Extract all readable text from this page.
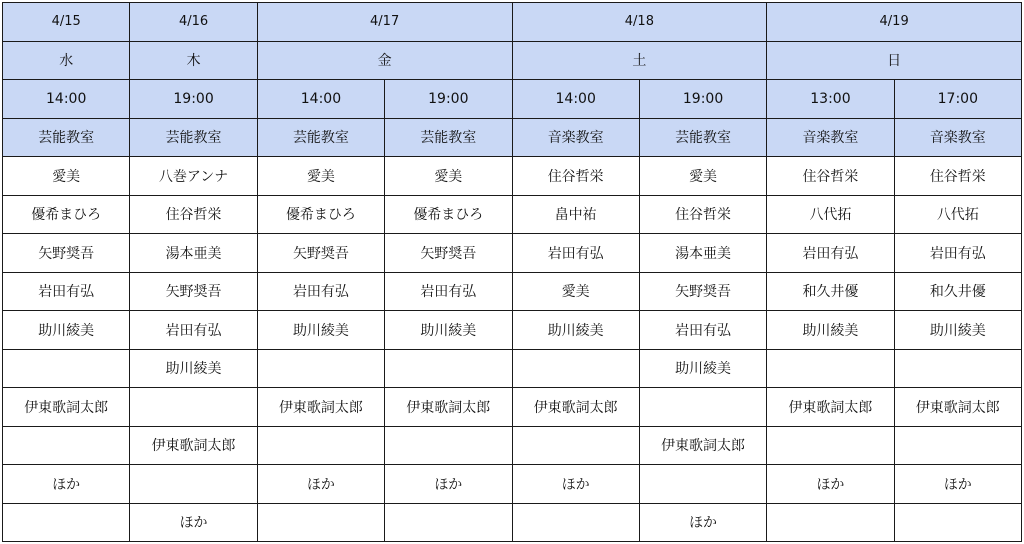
4/15	4/16	4/17		4/18		4/19	
水	木	金		土		日	
14:00	19:00	14:00	19:00	14:00	19:00	13:00	17:00
芸能教室	芸能教室	芸能教室	芸能教室	音楽教室	芸能教室	音楽教室	音楽教室
愛美	八巻アンナ	愛美	愛美	住谷哲栄	愛美	住谷哲栄	住谷哲栄
優希まひろ	住谷哲栄	優希まひろ	優希まひろ	畠中祐	住谷哲栄	八代拓	八代拓
矢野奨吾	湯本亜美	矢野奨吾	矢野奨吾	岩田有弘	湯本亜美	岩田有弘	岩田有弘
岩田有弘	矢野奨吾	岩田有弘	岩田有弘	愛美	矢野奨吾	和久井優	和久井優
助川綾美	岩田有弘	助川綾美	助川綾美	助川綾美	岩田有弘	助川綾美	助川綾美
	助川綾美				助川綾美		
伊東歌詞太郎		伊東歌詞太郎	伊東歌詞太郎	伊東歌詞太郎		伊東歌詞太郎	伊東歌詞太郎
	伊東歌詞太郎				伊東歌詞太郎		
ほか		ほか	ほか	ほか		ほか	ほか
	ほか				ほか		
